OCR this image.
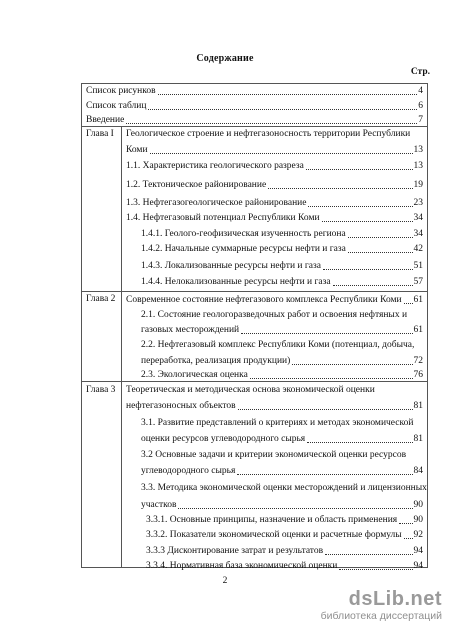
Содержание
Стр.
Список рисунков	4
Список таблиц	6
Введение	7
Глава I Геологическое строение и нефтегазоносность территории Республики
Коми	13
1.1. Характеристика геологического разреза	13
1.2. Тектоническое районирование	19
1.3. Нефтегазогеологическое районирование	23
1.4. Нефтегазовый потенциал Республики Коми	34
1.4.1. Геолого-геофизическая изученность региона	34
1.4.2. Начальные суммарные ресурсы нефти и газа	42
1.4.3. Локализованные ресурсы нефти и газа	51
1.4.4. Нелокализованные ресурсы нефти и газа	57
Глава 2 Современное состояние нефтегазового комплекса Республики Коми 61
2.1. Состояние геологоразведочных работ и освоения нефтяных и
газовых месторождений	61
2.2. Нефтегазовый комплекс Республики Коми (потенциал, добыча,
переработка, реализация продукции)	72
2.3. Экологическая оценка	76
Глава 3 Теоретическая и методическая основа экономической оценки
нефтегазоносных объектов	81
3.1. Развитие представлений о критериях и методах экономической
оценки ресурсов углеводородного сырья	81
3.2 Основные задачи и критерии экономической оценки ресурсов
углеводородного сырья	84
3.3. Методика экономической оценки месторождений и лицензионных
участков	90
3.3.1. Основные принципы, назначение и область применения 90
3.3.2. Показатели экономической оценки и расчетные формулы 92
3.3.3 Дисконтирование затрат и результатов	94
3.3.4. Нормативная база экономической оценки	94
2
dsLib.net
библиотека диссертаций
